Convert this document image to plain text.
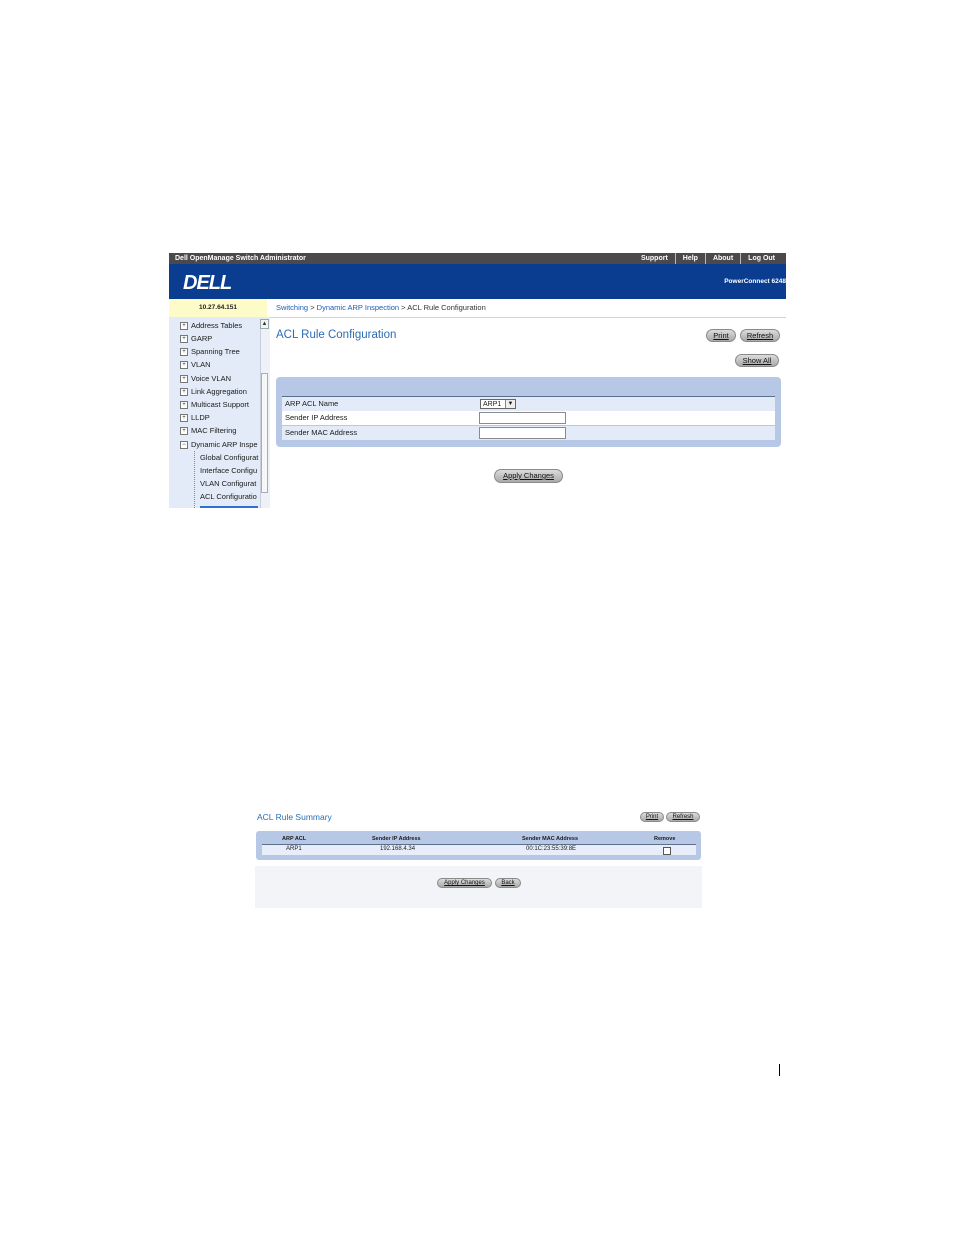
Dell OpenManage Switch Administrator	Support	Help	About	Log Out
DELL	PowerConnect 6248
10.27.64.151	Switching > Dynamic ARP Inspection > ACL Rule Configuration
+ Address Tables
+ GARP
+ Spanning Tree
+ VLAN
+ Voice VLAN
+ Link Aggregation
+ Multicast Support
+ LLDP
+ MAC Filtering
− Dynamic ARP Inspe
Global Configurat
Interface Configu
VLAN Configurat
ACL Configuratio
▲
ACL Rule Configuration	Print	Refresh
Show All
ARP ACL Name	ARP1	▼
Sender IP Address
Sender MAC Address
Apply Changes
ACL Rule Summary	Print	Refresh
ARP ACL	Sender IP Address	Sender MAC Address	Remove
ARP1	192.168.4.34	00:1C:23:55:39:8E
Apply Changes	Back
